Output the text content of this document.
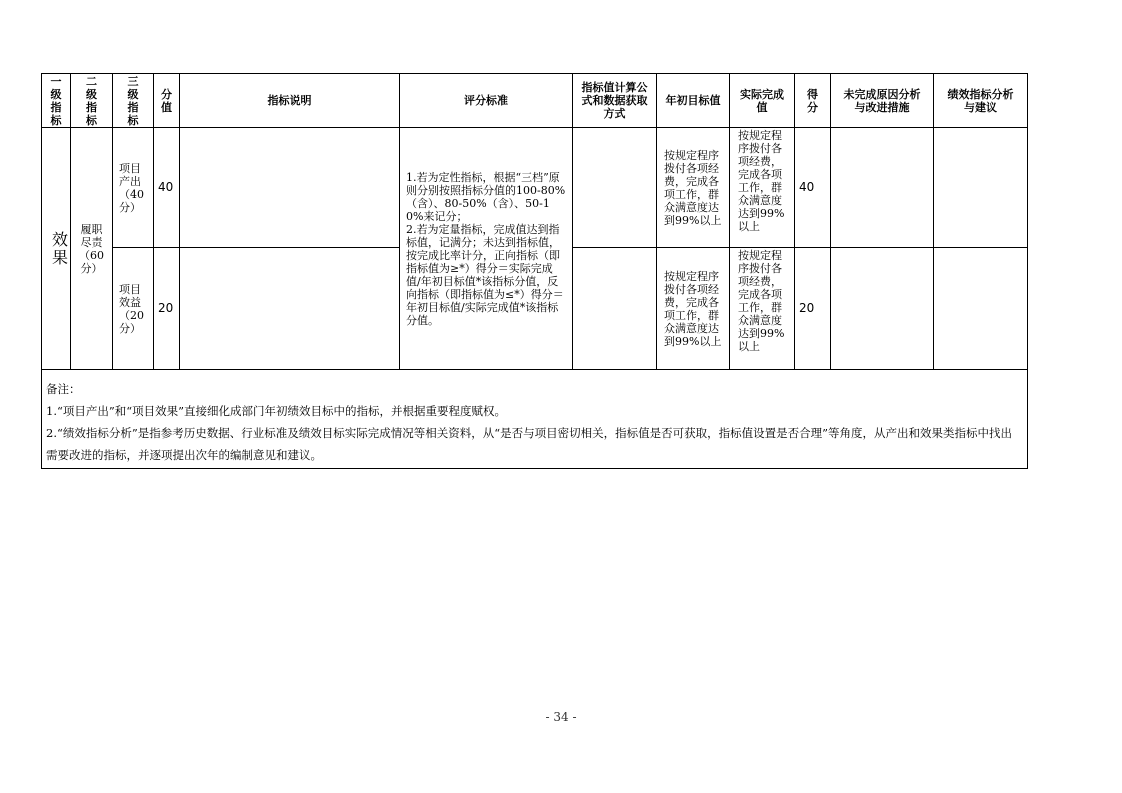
一级指标	二级指标	三级指标	分值	指标说明	评分标准	指标值计算公式和数据获取方式	年初目标值	实际完成值	得分	未完成原因分析与改进措施	绩效指标分析与建议
效果	履职尽责（60分）	项目产出（40分）	40		1.若为定性指标，根据“三档”原则分别按照指标分值的100-80%（含）、80-50%（含）、50-10%来记分；
2.若为定量指标，完成值达到指标值，记满分；未达到指标值，按完成比率计分，正向指标（即指标值为≥*）得分＝实际完成值/年初目标值*该指标分值，反向指标（即指标值为≤*）得分＝年初目标值/实际完成值*该指标分值。		按规定程序拨付各项经费，完成各项工作，群众满意度达到99%以上	按规定程序拨付各项经费，完成各项工作，群众满意度达到99%以上	40		
		项目效益（20分）	20				按规定程序拨付各项经费，完成各项工作，群众满意度达到99%以上	按规定程序拨付各项经费，完成各项工作，群众满意度达到99%以上	20		

备注：
1.“项目产出”和“项目效果”直接细化成部门年初绩效目标中的指标，并根据重要程度赋权。
2.“绩效指标分析”是指参考历史数据、行业标准及绩效目标实际完成情况等相关资料，从“是否与项目密切相关，指标值是否可获取，指标值设置是否合理”等角度，从产出和效果类指标中找出需要改进的指标，并逐项提出次年的编制意见和建议。											
- 34 -
